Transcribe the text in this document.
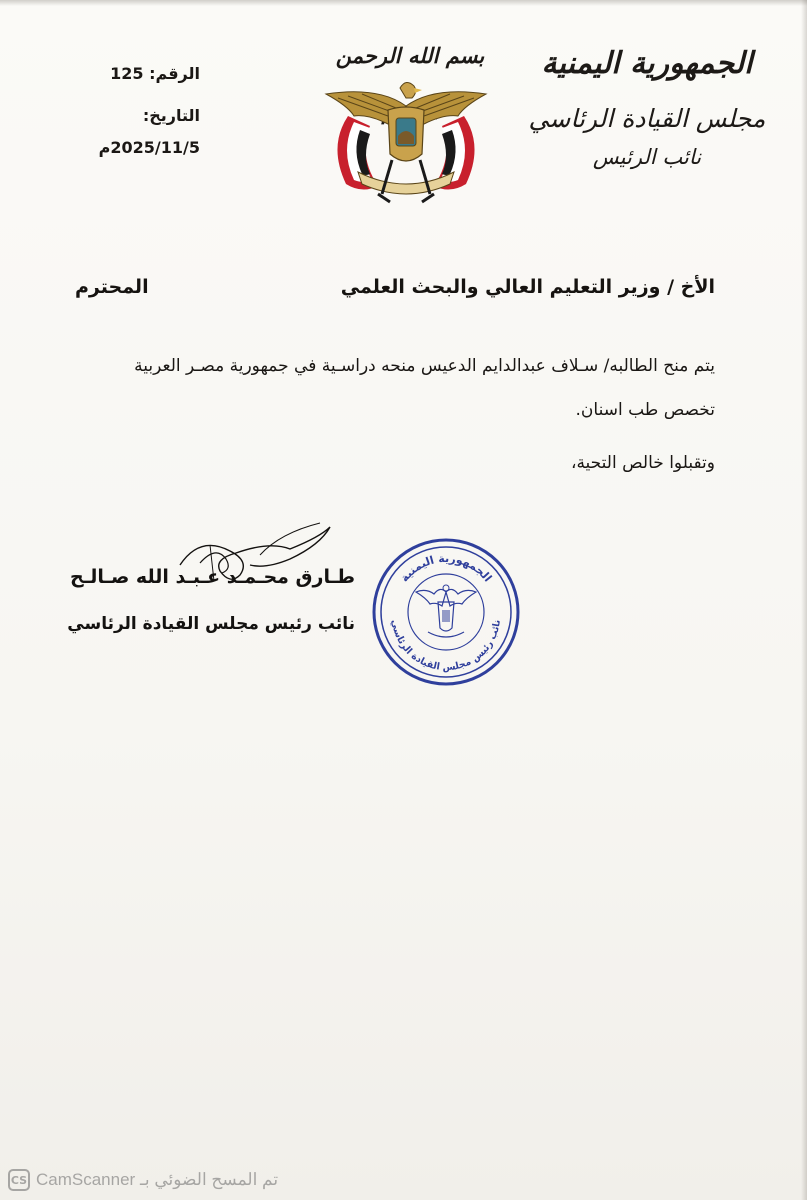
الجمهورية اليمنية
مجلس القيادة الرئاسي
نائب الرئيس
بسم الله الرحمن
الرقم: 125
التاريخ: 2025/11/5م
الأخ / وزير التعليم العالي والبحث العلمي
المحترم
يتم منح الطالبه/ سـلاف عبدالدايم الدعيس منحه دراسـية في جمهورية مصـر العربية
تخصص طب اسنان.
وتقبلوا خالص التحية،
طـارق محـمـد عـبـد الله صـالـح
نائب رئيس مجلس القيادة الرئاسي
الجمهورية اليمنية
نائب رئيس مجلس القيادة الرئاسي
CS تم المسح الضوئي بـ CamScanner
